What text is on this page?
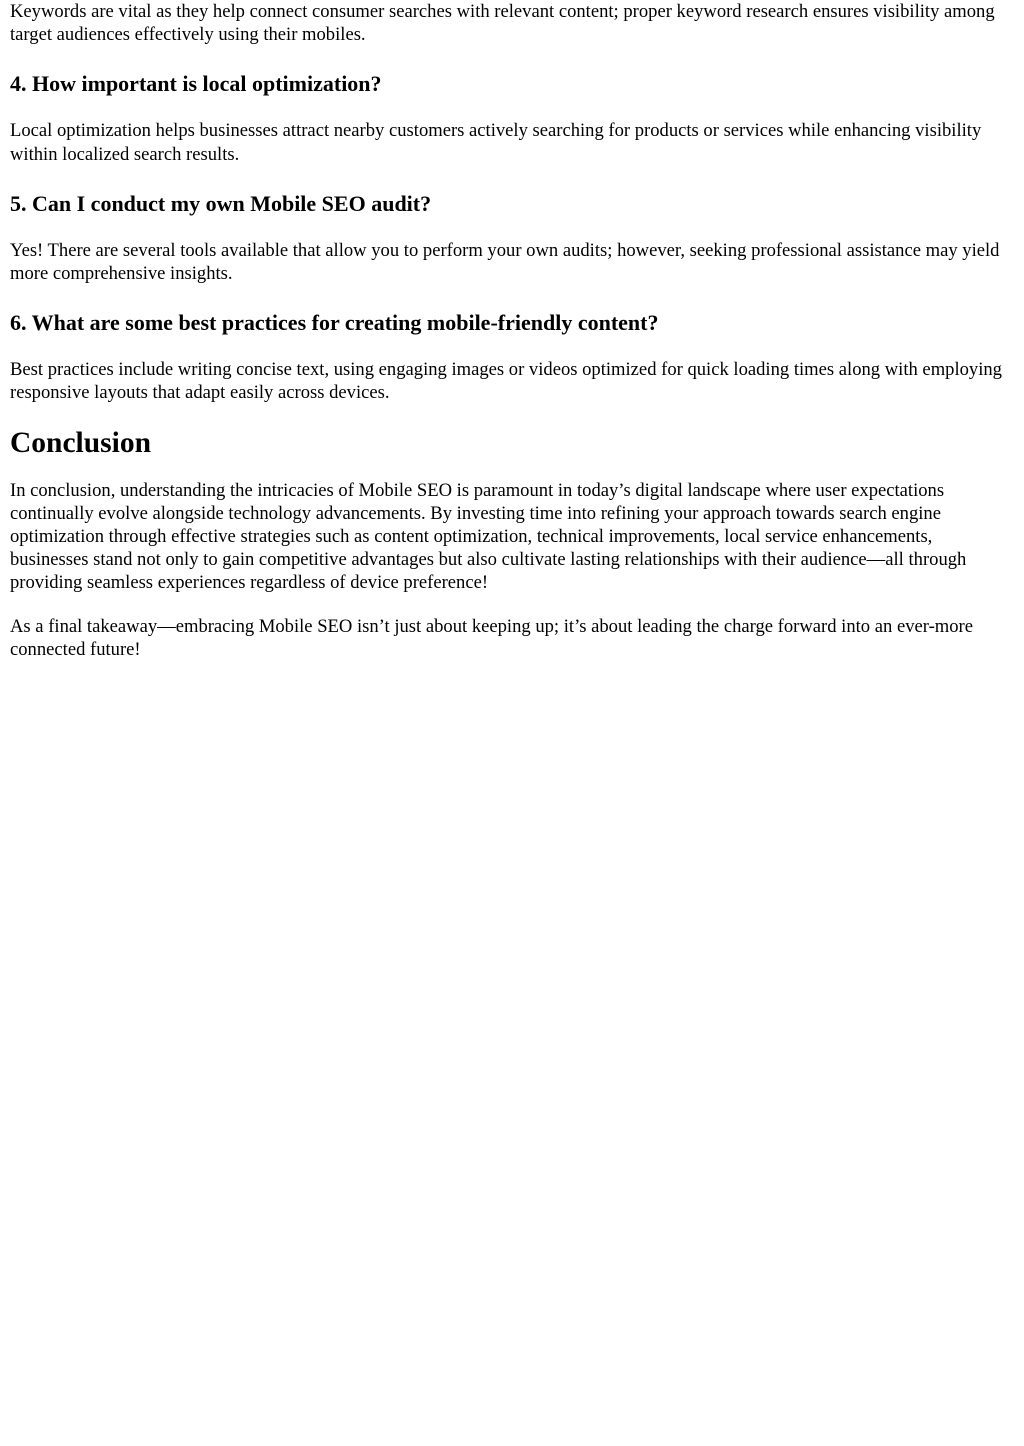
Keywords are vital as they help connect consumer searches with relevant content; proper keyword research ensures visibility among target audiences effectively using their mobiles.

4. How important is local optimization?

Local optimization helps businesses attract nearby customers actively searching for products or services while enhancing visibility within localized search results.

5. Can I conduct my own Mobile SEO audit?

Yes! There are several tools available that allow you to perform your own audits; however, seeking professional assistance may yield more comprehensive insights.

6. What are some best practices for creating mobile-friendly content?

Best practices include writing concise text, using engaging images or videos optimized for quick loading times along with employing responsive layouts that adapt easily across devices.

Conclusion

In conclusion, understanding the intricacies of Mobile SEO is paramount in today’s digital landscape where user expectations continually evolve alongside technology advancements. By investing time into refining your approach towards search engine optimization through effective strategies such as content optimization, technical improvements, local service enhancements, businesses stand not only to gain competitive advantages but also cultivate lasting relationships with their audience—all through providing seamless experiences regardless of device preference!

As a final takeaway—embracing Mobile SEO isn’t just about keeping up; it’s about leading the charge forward into an ever-more connected future!
